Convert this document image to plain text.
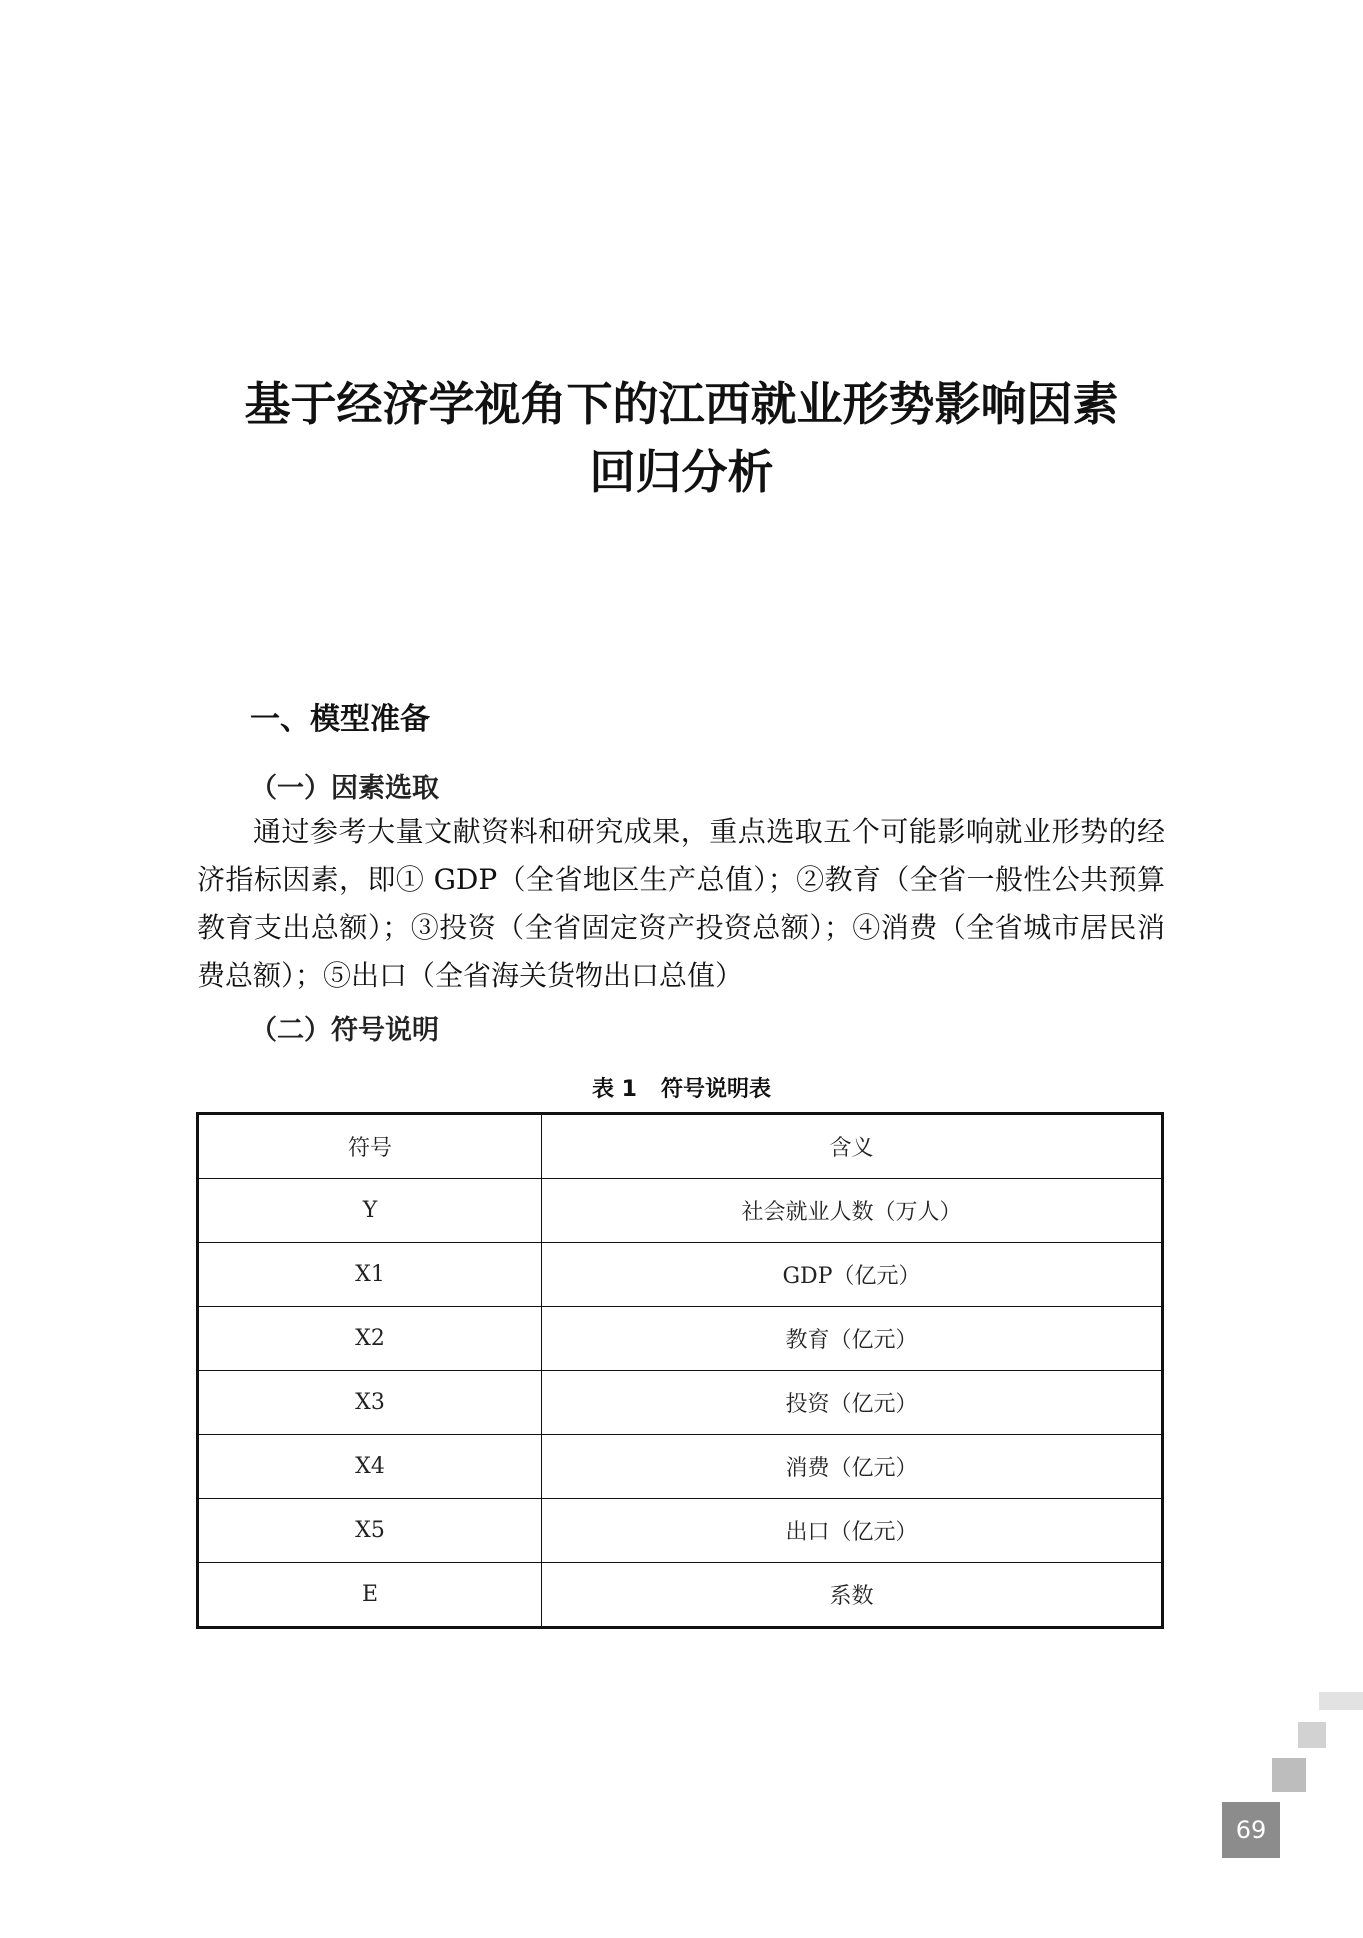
基于经济学视角下的江西就业形势影响因素
回归分析
一、模型准备
（一）因素选取

通过参考大量文献资料和研究成果，重点选取五个可能影响就业形势的经济指标因素，即① GDP（全省地区生产总值）；②教育（全省一般性公共预算教育支出总额）；③投资（全省固定资产投资总额）；④消费（全省城市居民消费总额）；⑤出口（全省海关货物出口总值）

（二）符号说明
表 1 符号说明表
符号	含义
Y	社会就业人数（万人）
X1	GDP（亿元）
X2	教育（亿元）
X3	投资（亿元）
X4	消费（亿元）
X5	出口（亿元）
E	系数
69
